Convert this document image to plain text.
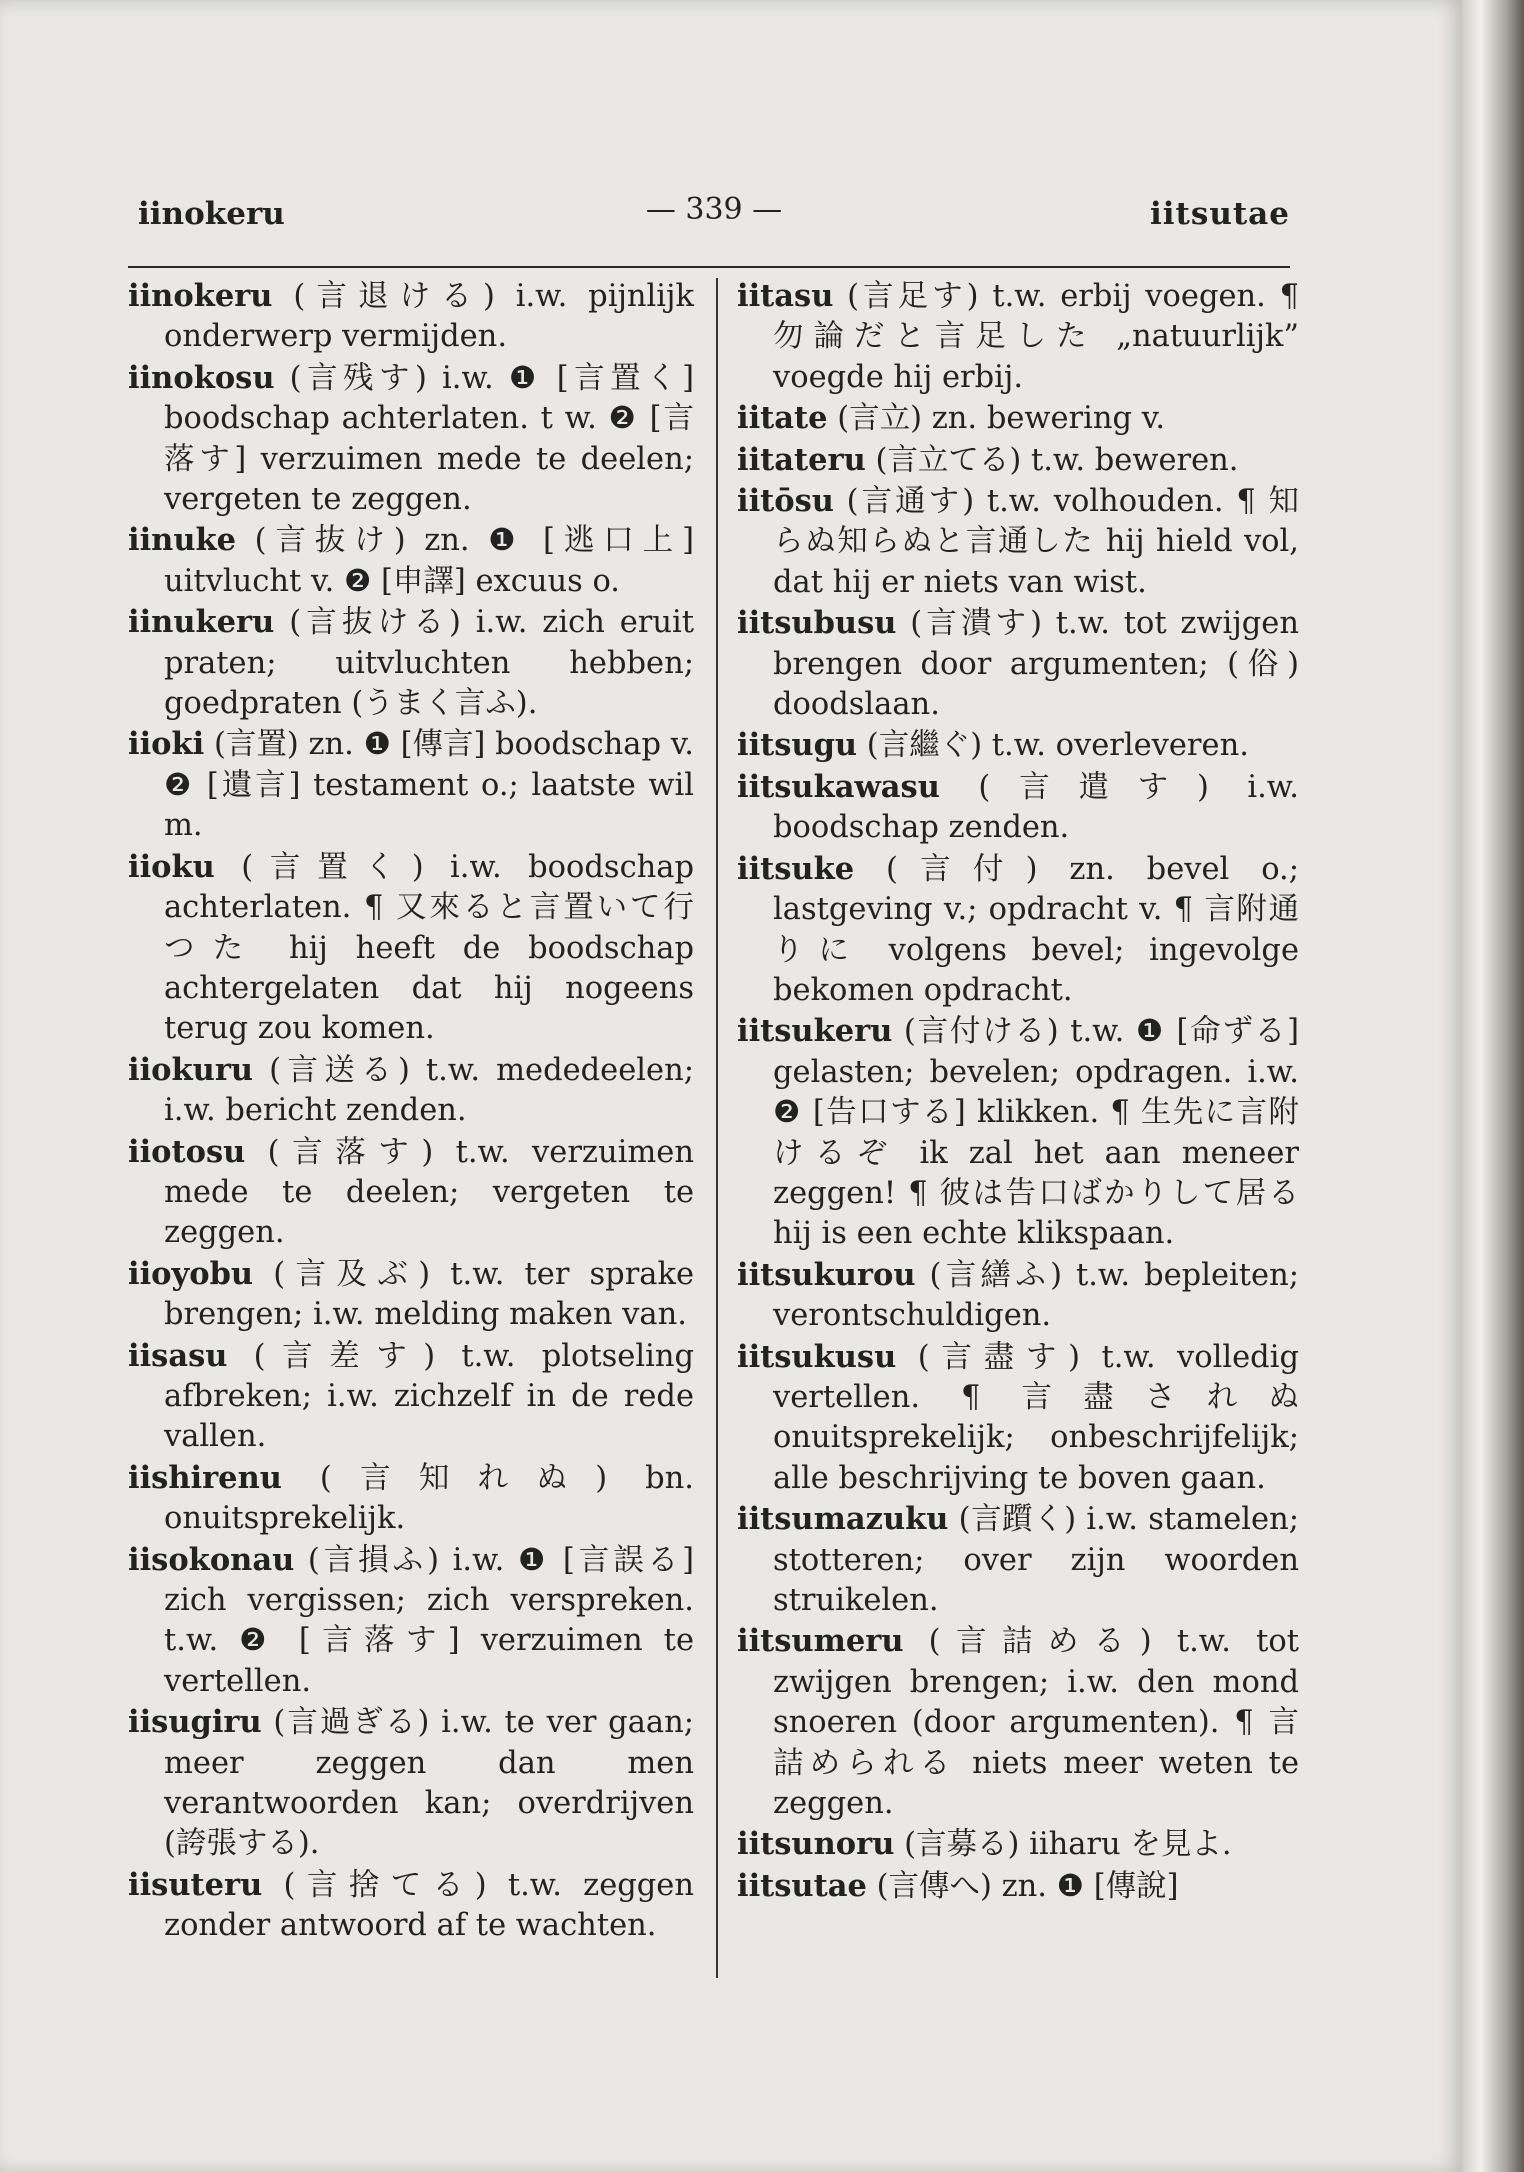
iinokeru	— 339 —	iitsutae
iinokeru (言退ける) i.w. pijnlijk onderwerp vermijden.
iinokosu (言残す) i.w. ❶ [言置く] boodschap achterlaten. t w. ❷ [言落す] verzuimen mede te deelen; vergeten te zeggen.
iinuke (言抜け) zn. ❶ [逃口上] uitvlucht v. ❷ [申譯] excuus o.
iinukeru (言抜ける) i.w. zich eruit praten; uitvluchten hebben; goedpraten (うまく言ふ).
iioki (言置) zn. ❶ [傳言] boodschap v. ❷ [遺言] testament o.; laatste wil m.
iioku (言置く) i.w. boodschap achterlaten. ¶ 又來ると言置いて行つた hij heeft de boodschap achtergelaten dat hij nogeens terug zou komen.
iiokuru (言送る) t.w. mededeelen; i.w. bericht zenden.
iiotosu (言落す) t.w. verzuimen mede te deelen; vergeten te zeggen.
iioyobu (言及ぶ) t.w. ter sprake brengen; i.w. melding maken van.
iisasu (言差す) t.w. plotseling afbreken; i.w. zichzelf in de rede vallen.
iishirenu (言知れぬ) bn. onuitsprekelijk.
iisokonau (言損ふ) i.w. ❶ [言誤る] zich vergissen; zich verspreken. t.w. ❷ [言落す] verzuimen te vertellen.
iisugiru (言過ぎる) i.w. te ver gaan; meer zeggen dan men verantwoorden kan; overdrijven (誇張する).
iisuteru (言捨てる) t.w. zeggen zonder antwoord af te wachten.
iitasu (言足す) t.w. erbij voegen. ¶ 勿論だと言足した „natuurlijk” voegde hij erbij.
iitate (言立) zn. bewering v.
iitateru (言立てる) t.w. beweren.
iitōsu (言通す) t.w. volhouden. ¶ 知らぬ知らぬと言通した hij hield vol, dat hij er niets van wist.
iitsubusu (言潰す) t.w. tot zwijgen brengen door argumenten; (俗) doodslaan.
iitsugu (言繼ぐ) t.w. overleveren.
iitsukawasu (言遣す) i.w. boodschap zenden.
iitsuke (言付) zn. bevel o.; lastgeving v.; opdracht v. ¶ 言附通りに volgens bevel; ingevolge bekomen opdracht.
iitsukeru (言付ける) t.w. ❶ [命ずる] gelasten; bevelen; opdragen. i.w. ❷ [告口する] klikken. ¶ 生先に言附けるぞ ik zal het aan meneer zeggen! ¶ 彼は告口ばかりして居る hij is een echte klikspaan.
iitsukurou (言繕ふ) t.w. bepleiten; verontschuldigen.
iitsukusu (言盡す) t.w. volledig vertellen. ¶ 言盡されぬ onuitsprekelijk; onbeschrijfelijk; alle beschrijving te boven gaan.
iitsumazuku (言躓く) i.w. stamelen; stotteren; over zijn woorden struikelen.
iitsumeru (言詰める) t.w. tot zwijgen brengen; i.w. den mond snoeren (door argumenten). ¶ 言詰められる niets meer weten te zeggen.
iitsunoru (言募る) iiharu を見よ.
iitsutae (言傳へ) zn. ❶ [傳說]
